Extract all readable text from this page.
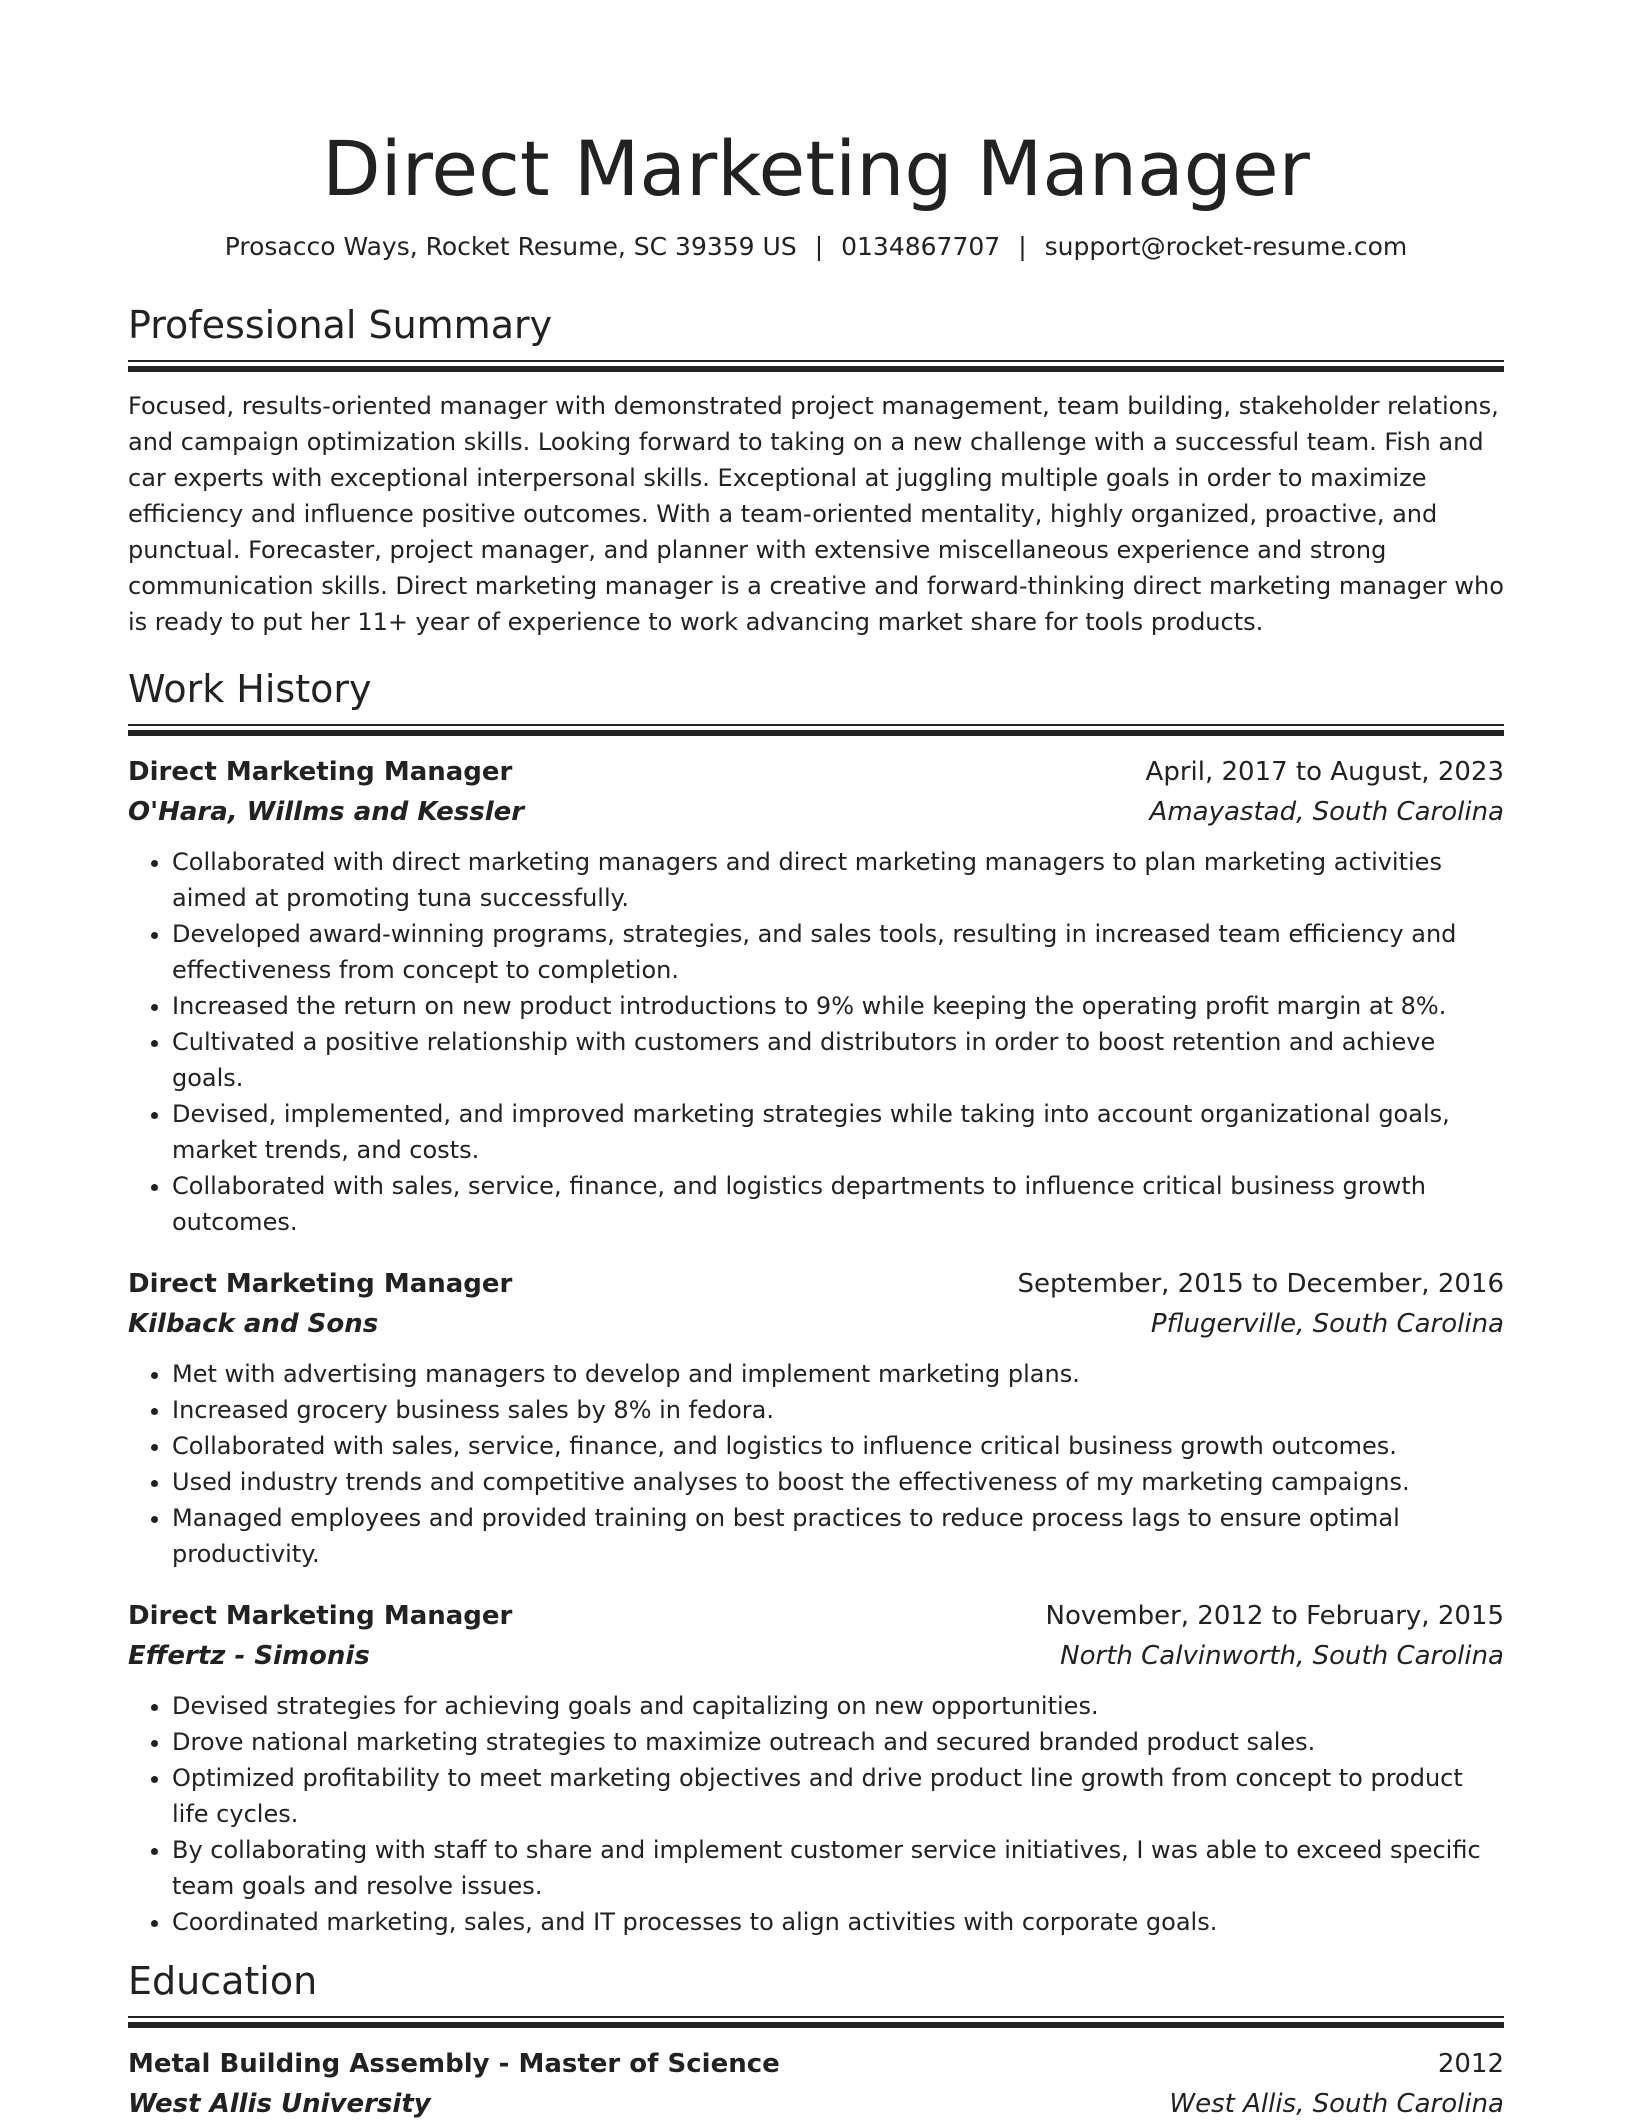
Direct Marketing Manager
Prosacco Ways, Rocket Resume, SC 39359 US | 0134867707 | support@rocket-resume.com
Professional Summary
Focused, results-oriented manager with demonstrated project management, team building, stakeholder relations, and campaign optimization skills. Looking forward to taking on a new challenge with a successful team. Fish and car experts with exceptional interpersonal skills. Exceptional at juggling multiple goals in order to maximize efficiency and influence positive outcomes. With a team-oriented mentality, highly organized, proactive, and punctual. Forecaster, project manager, and planner with extensive miscellaneous experience and strong communication skills. Direct marketing manager is a creative and forward-thinking direct marketing manager who is ready to put her 11+ year of experience to work advancing market share for tools products.
Work History
Direct Marketing Manager	April, 2017 to August, 2023
O'Hara, Willms and Kessler	Amayastad, South Carolina
• Collaborated with direct marketing managers and direct marketing managers to plan marketing activities aimed at promoting tuna successfully.
• Developed award-winning programs, strategies, and sales tools, resulting in increased team efficiency and effectiveness from concept to completion.
• Increased the return on new product introductions to 9% while keeping the operating profit margin at 8%.
• Cultivated a positive relationship with customers and distributors in order to boost retention and achieve goals.
• Devised, implemented, and improved marketing strategies while taking into account organizational goals, market trends, and costs.
• Collaborated with sales, service, finance, and logistics departments to influence critical business growth outcomes.
Direct Marketing Manager	September, 2015 to December, 2016
Kilback and Sons	Pflugerville, South Carolina
• Met with advertising managers to develop and implement marketing plans.
• Increased grocery business sales by 8% in fedora.
• Collaborated with sales, service, finance, and logistics to influence critical business growth outcomes.
• Used industry trends and competitive analyses to boost the effectiveness of my marketing campaigns.
• Managed employees and provided training on best practices to reduce process lags to ensure optimal productivity.
Direct Marketing Manager	November, 2012 to February, 2015
Effertz - Simonis	North Calvinworth, South Carolina
• Devised strategies for achieving goals and capitalizing on new opportunities.
• Drove national marketing strategies to maximize outreach and secured branded product sales.
• Optimized profitability to meet marketing objectives and drive product line growth from concept to product life cycles.
• By collaborating with staff to share and implement customer service initiatives, I was able to exceed specific team goals and resolve issues.
• Coordinated marketing, sales, and IT processes to align activities with corporate goals.
Education
Metal Building Assembly - Master of Science	2012
West Allis University	West Allis, South Carolina
